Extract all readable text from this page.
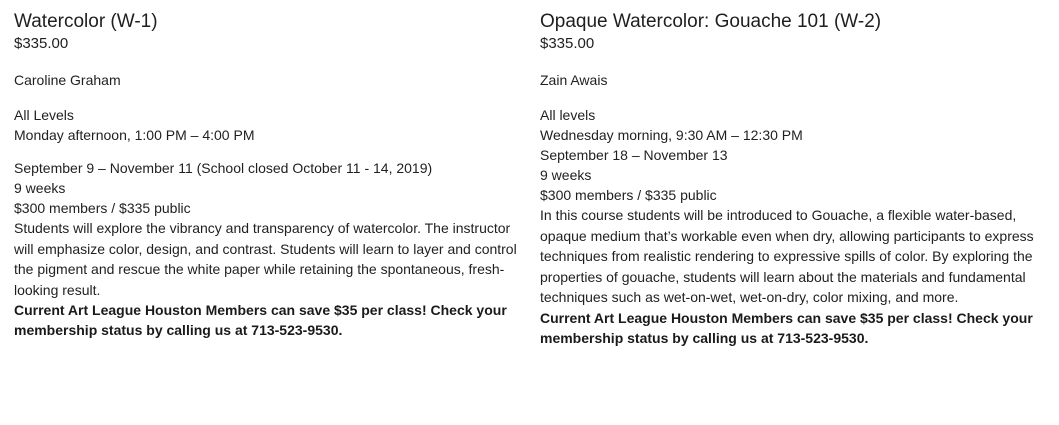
Watercolor (W-1)

$335.00

Caroline Graham

All Levels

Monday afternoon, 1:00 PM – 4:00 PM

September 9 – November 11 (School closed October 11 - 14, 2019)

9 weeks

$300 members / $335 public

Students will explore the vibrancy and transparency of watercolor. The instructor will emphasize color, design, and contrast. Students will learn to layer and control the pigment and rescue the white paper while retaining the spontaneous, fresh-looking result.

Current Art League Houston Members can save $35 per class! Check your membership status by calling us at 713-523-9530.

Opaque Watercolor: Gouache 101 (W-2)

$335.00

Zain Awais

All levels

Wednesday morning, 9:30 AM – 12:30 PM

September 18 – November 13

9 weeks

$300 members / $335 public

In this course students will be introduced to Gouache, a flexible water-based, opaque medium that’s workable even when dry, allowing participants to express techniques from realistic rendering to expressive spills of color. By exploring the properties of gouache, students will learn about the materials and fundamental techniques such as wet-on-wet, wet-on-dry, color mixing, and more.

Current Art League Houston Members can save $35 per class! Check your membership status by calling us at 713-523-9530.
